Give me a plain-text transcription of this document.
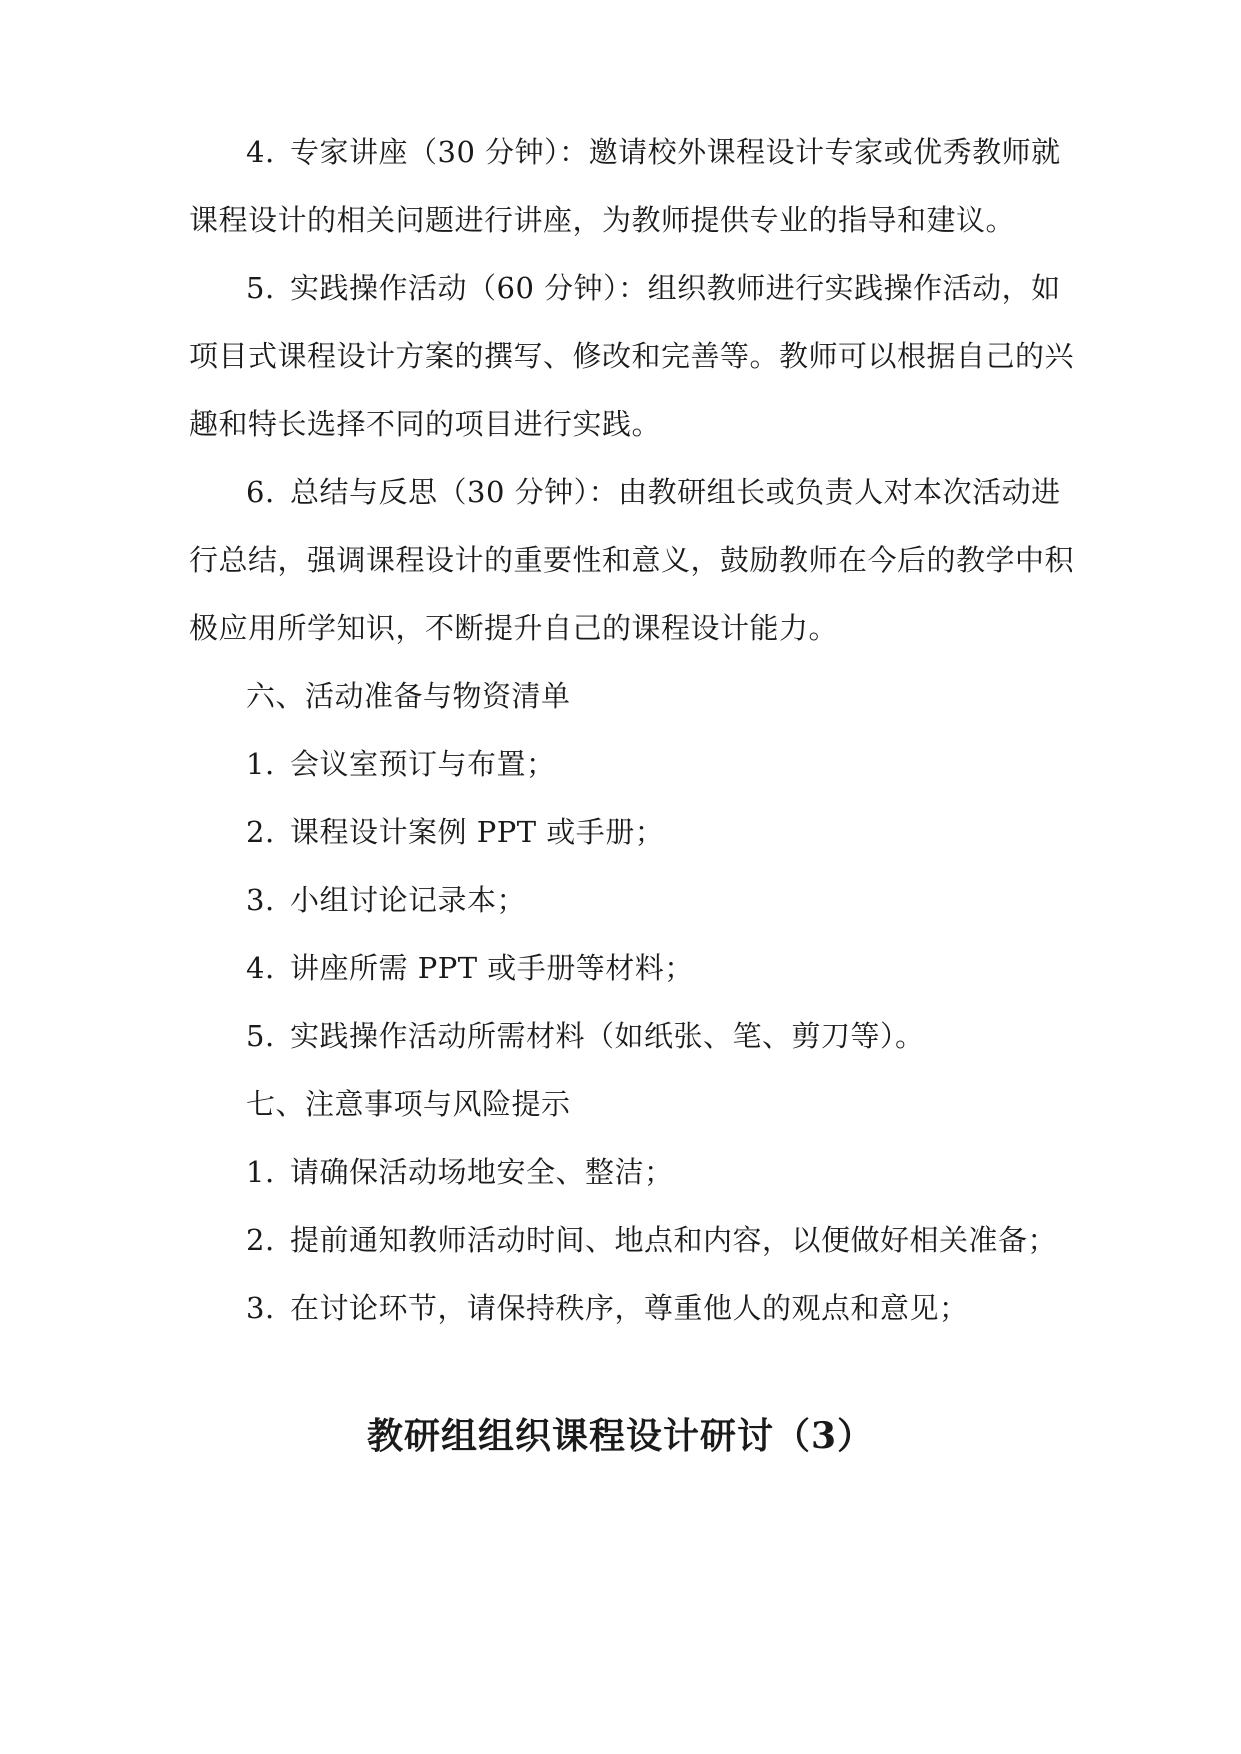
4. 专家讲座（30 分钟）：邀请校外课程设计专家或优秀教师就
课程设计的相关问题进行讲座，为教师提供专业的指导和建议。
5. 实践操作活动（60 分钟）：组织教师进行实践操作活动，如
项目式课程设计方案的撰写、修改和完善等。教师可以根据自己的兴
趣和特长选择不同的项目进行实践。
6. 总结与反思（30 分钟）：由教研组长或负责人对本次活动进
行总结，强调课程设计的重要性和意义，鼓励教师在今后的教学中积
极应用所学知识，不断提升自己的课程设计能力。
六、活动准备与物资清单
1. 会议室预订与布置；
2. 课程设计案例 PPT 或手册；
3. 小组讨论记录本；
4. 讲座所需 PPT 或手册等材料；
5. 实践操作活动所需材料（如纸张、笔、剪刀等）。
七、注意事项与风险提示
1. 请确保活动场地安全、整洁；
2. 提前通知教师活动时间、地点和内容，以便做好相关准备；
3. 在讨论环节，请保持秩序，尊重他人的观点和意见；
教研组组织课程设计研讨（3）
